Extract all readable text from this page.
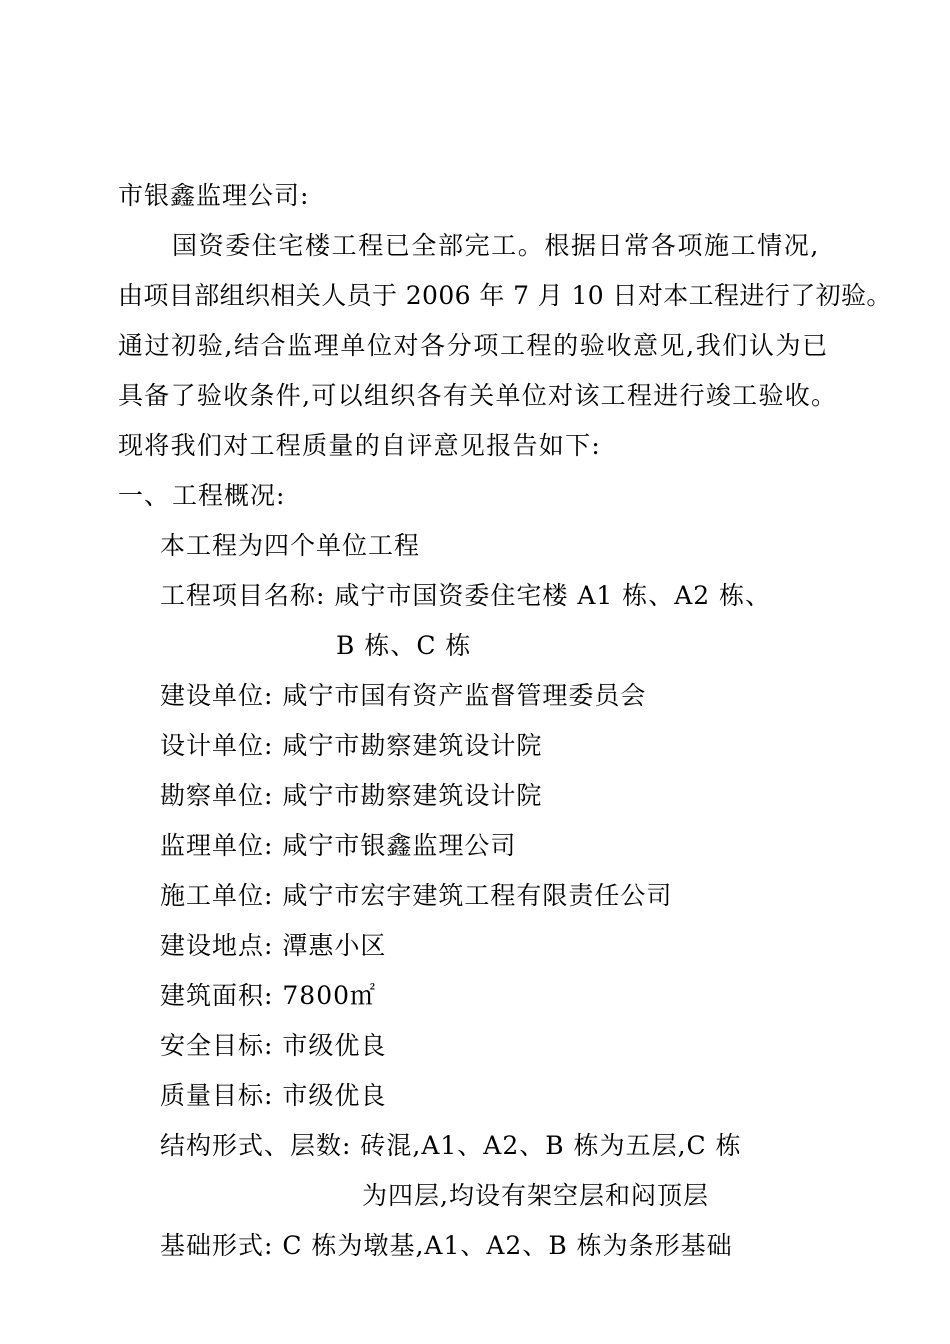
市银鑫监理公司:
国资委住宅楼工程已全部完工。根据日常各项施工情况,
由项目部组织相关人员于 2006 年 7 月 10 日对本工程进行了初验。
通过初验,结合监理单位对各分项工程的验收意见,我们认为已
具备了验收条件,可以组织各有关单位对该工程进行竣工验收。
现将我们对工程质量的自评意见报告如下:
一、工程概况:
本工程为四个单位工程
工程项目名称: 咸宁市国资委住宅楼 A1 栋、A2 栋、
B 栋、C 栋
建设单位: 咸宁市国有资产监督管理委员会
设计单位: 咸宁市勘察建筑设计院
勘察单位: 咸宁市勘察建筑设计院
监理单位: 咸宁市银鑫监理公司
施工单位: 咸宁市宏宇建筑工程有限责任公司
建设地点: 潭惠小区
建筑面积: 7800㎡
安全目标: 市级优良
质量目标: 市级优良
结构形式、层数: 砖混,A1、A2、B 栋为五层,C 栋
为四层,均设有架空层和闷顶层
基础形式: C 栋为墩基,A1、A2、B 栋为条形基础
